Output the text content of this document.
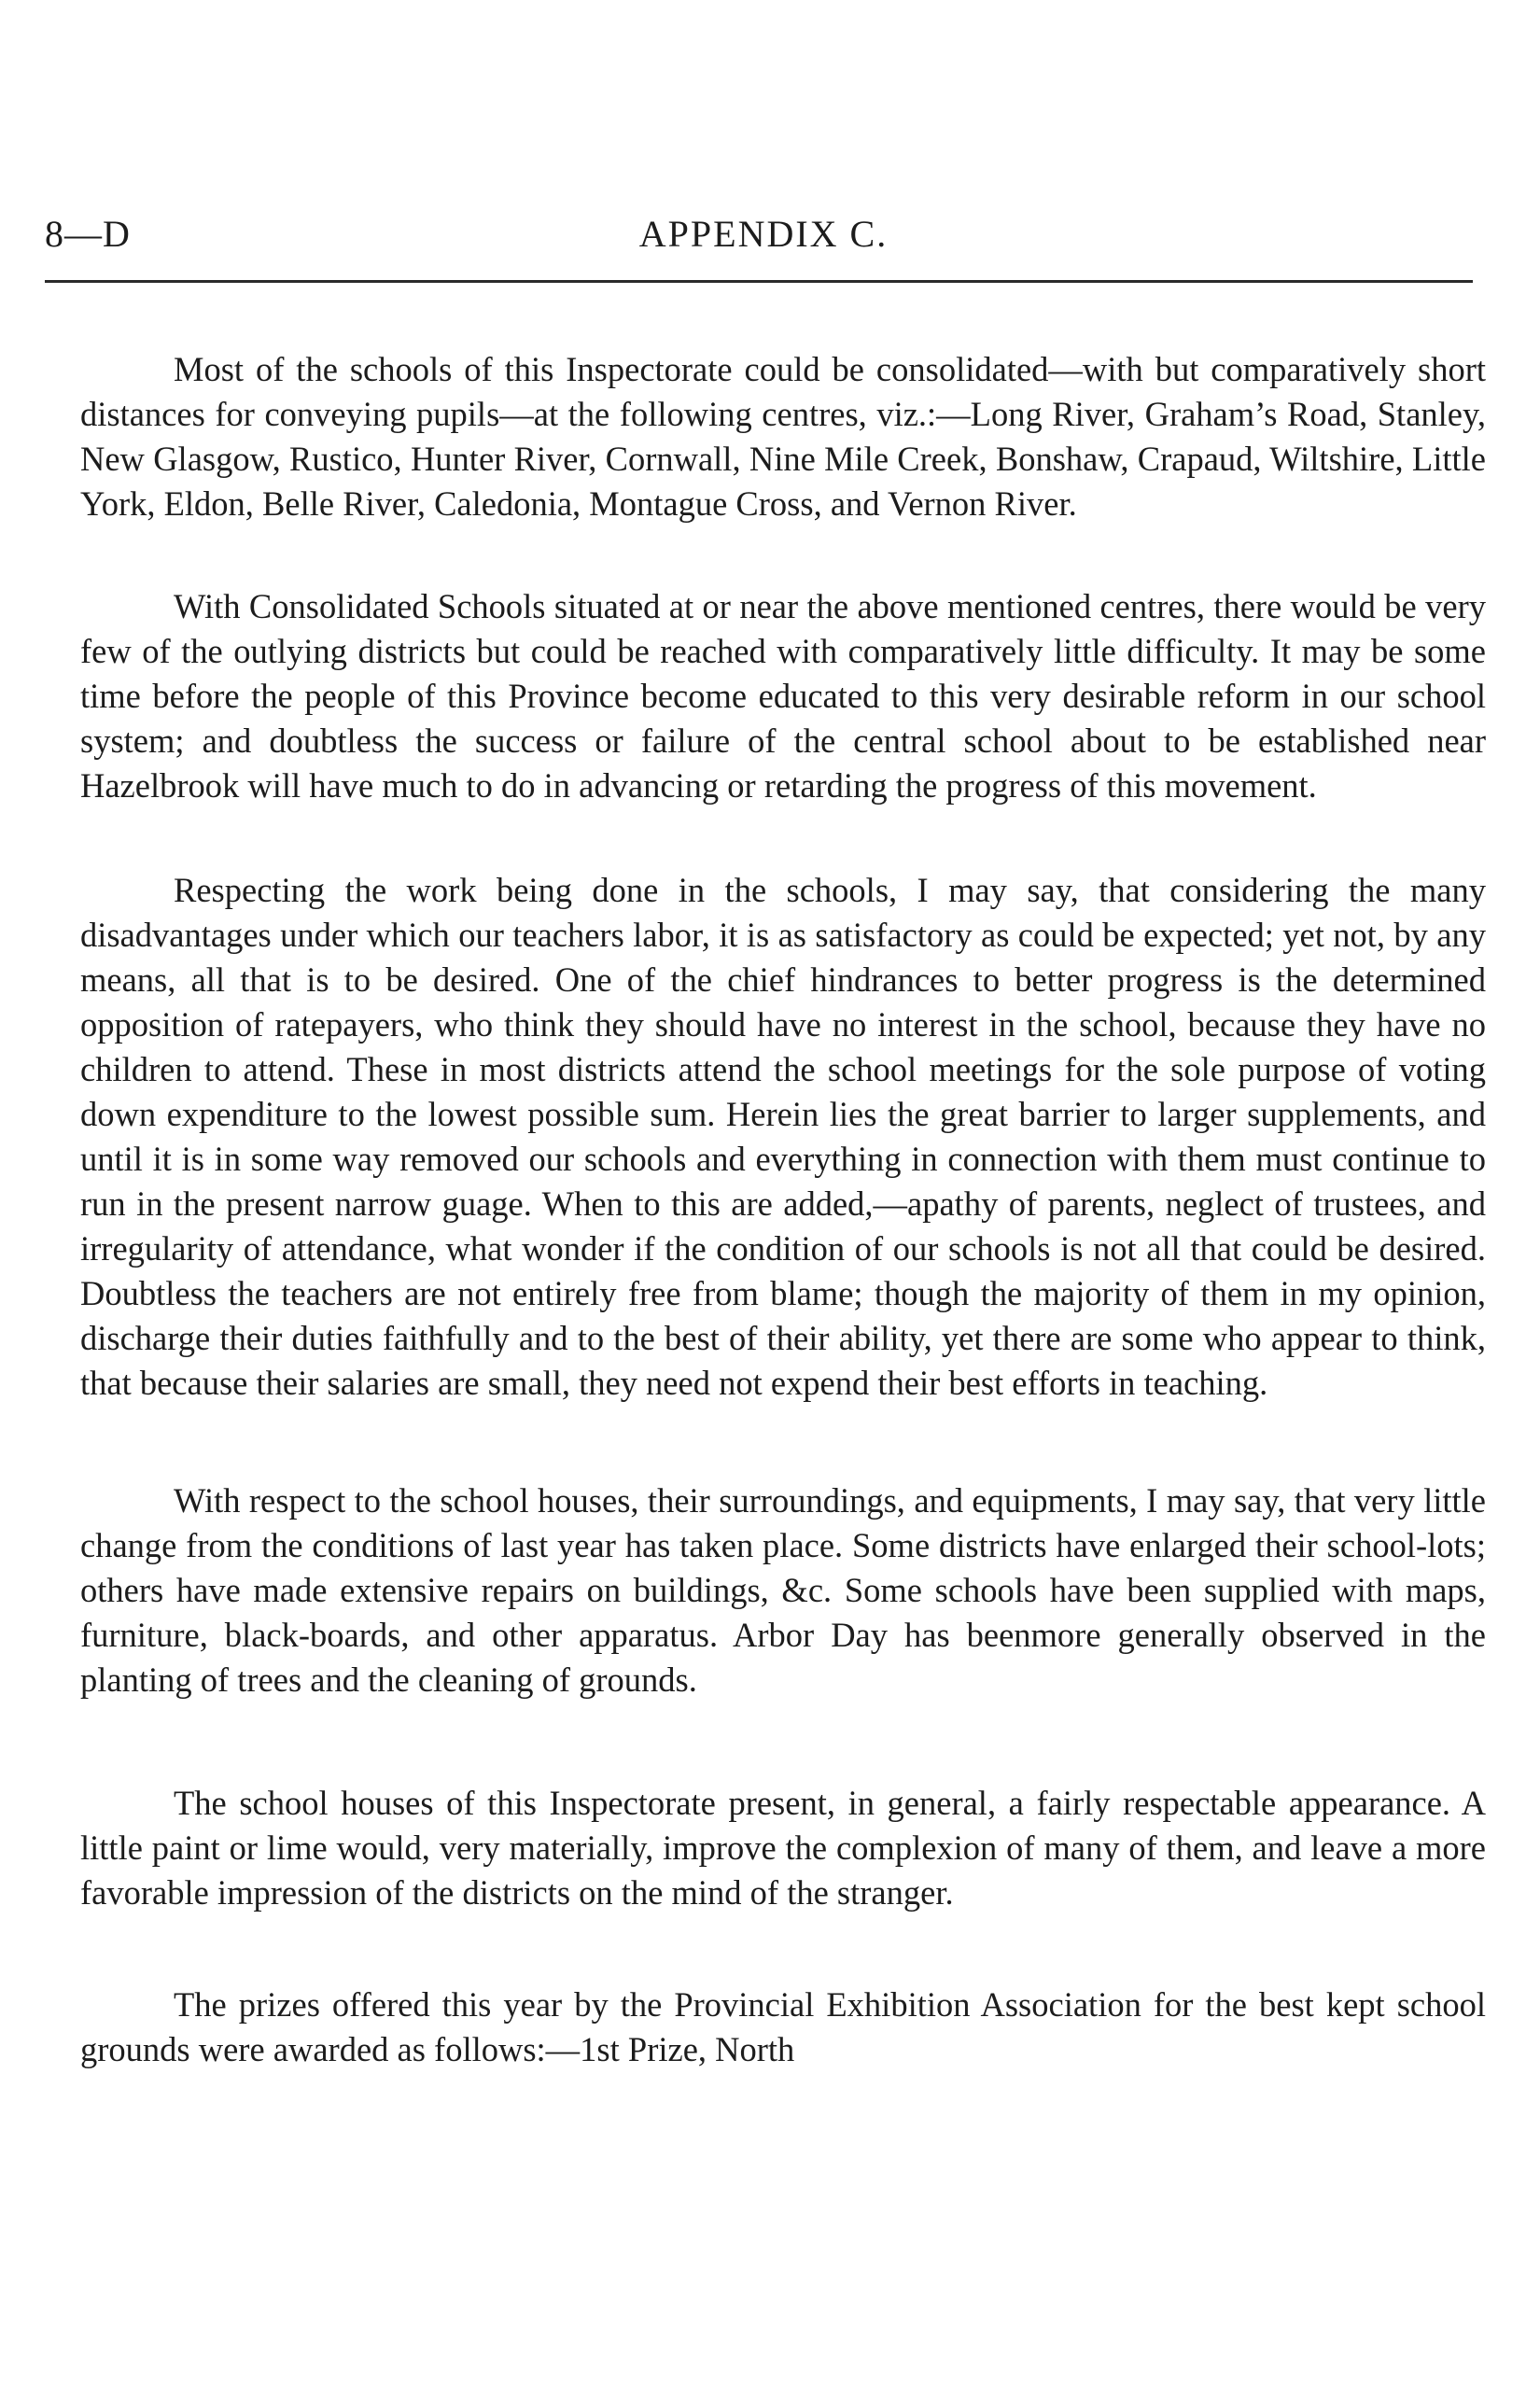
8—D	APPENDIX C.

Most of the schools of this Inspectorate could be consolidated—with but comparatively short distances for conveying pupils—at the following centres, viz.:—Long River, Graham’s Road, Stanley, New Glasgow, Rustico, Hunter River, Cornwall, Nine Mile Creek, Bonshaw, Crapaud, Wiltshire, Little York, Eldon, Belle River, Caledonia, Montague Cross, and Vernon River.

With Consolidated Schools situated at or near the above mentioned centres, there would be very few of the outlying districts but could be reached with comparatively little difficulty. It may be some time before the people of this Province become educated to this very desirable reform in our school system; and doubtless the success or failure of the central school about to be established near Hazelbrook will have much to do in advancing or retarding the progress of this movement.

Respecting the work being done in the schools, I may say, that considering the many disadvantages under which our teachers labor, it is as satisfactory as could be expected; yet not, by any means, all that is to be desired. One of the chief hindrances to better progress is the determined opposition of ratepayers, who think they should have no interest in the school, because they have no children to attend. These in most districts attend the school meetings for the sole purpose of voting down expenditure to the lowest possible sum. Herein lies the great barrier to larger supplements, and until it is in some way removed our schools and everything in connection with them must continue to run in the present narrow guage. When to this are added,—apathy of parents, neglect of trustees, and irregularity of attendance, what wonder if the condition of our schools is not all that could be desired. Doubtless the teachers are not entirely free from blame; though the majority of them in my opinion, discharge their duties faithfully and to the best of their ability, yet there are some who appear to think, that because their salaries are small, they need not expend their best efforts in teaching.

With respect to the school houses, their surroundings, and equipments, I may say, that very little change from the conditions of last year has taken place. Some districts have enlarged their school-lots; others have made extensive repairs on buildings, &c. Some schools have been supplied with maps, furniture, black-boards, and other apparatus. Arbor Day has beenmore generally observed in the planting of trees and the cleaning of grounds.

The school houses of this Inspectorate present, in general, a fairly respectable appearance. A little paint or lime would, very materially, improve the complexion of many of them, and leave a more favorable impression of the districts on the mind of the stranger.

The prizes offered this year by the Provincial Exhibition Association for the best kept school grounds were awarded as follows:—1st Prize, North
